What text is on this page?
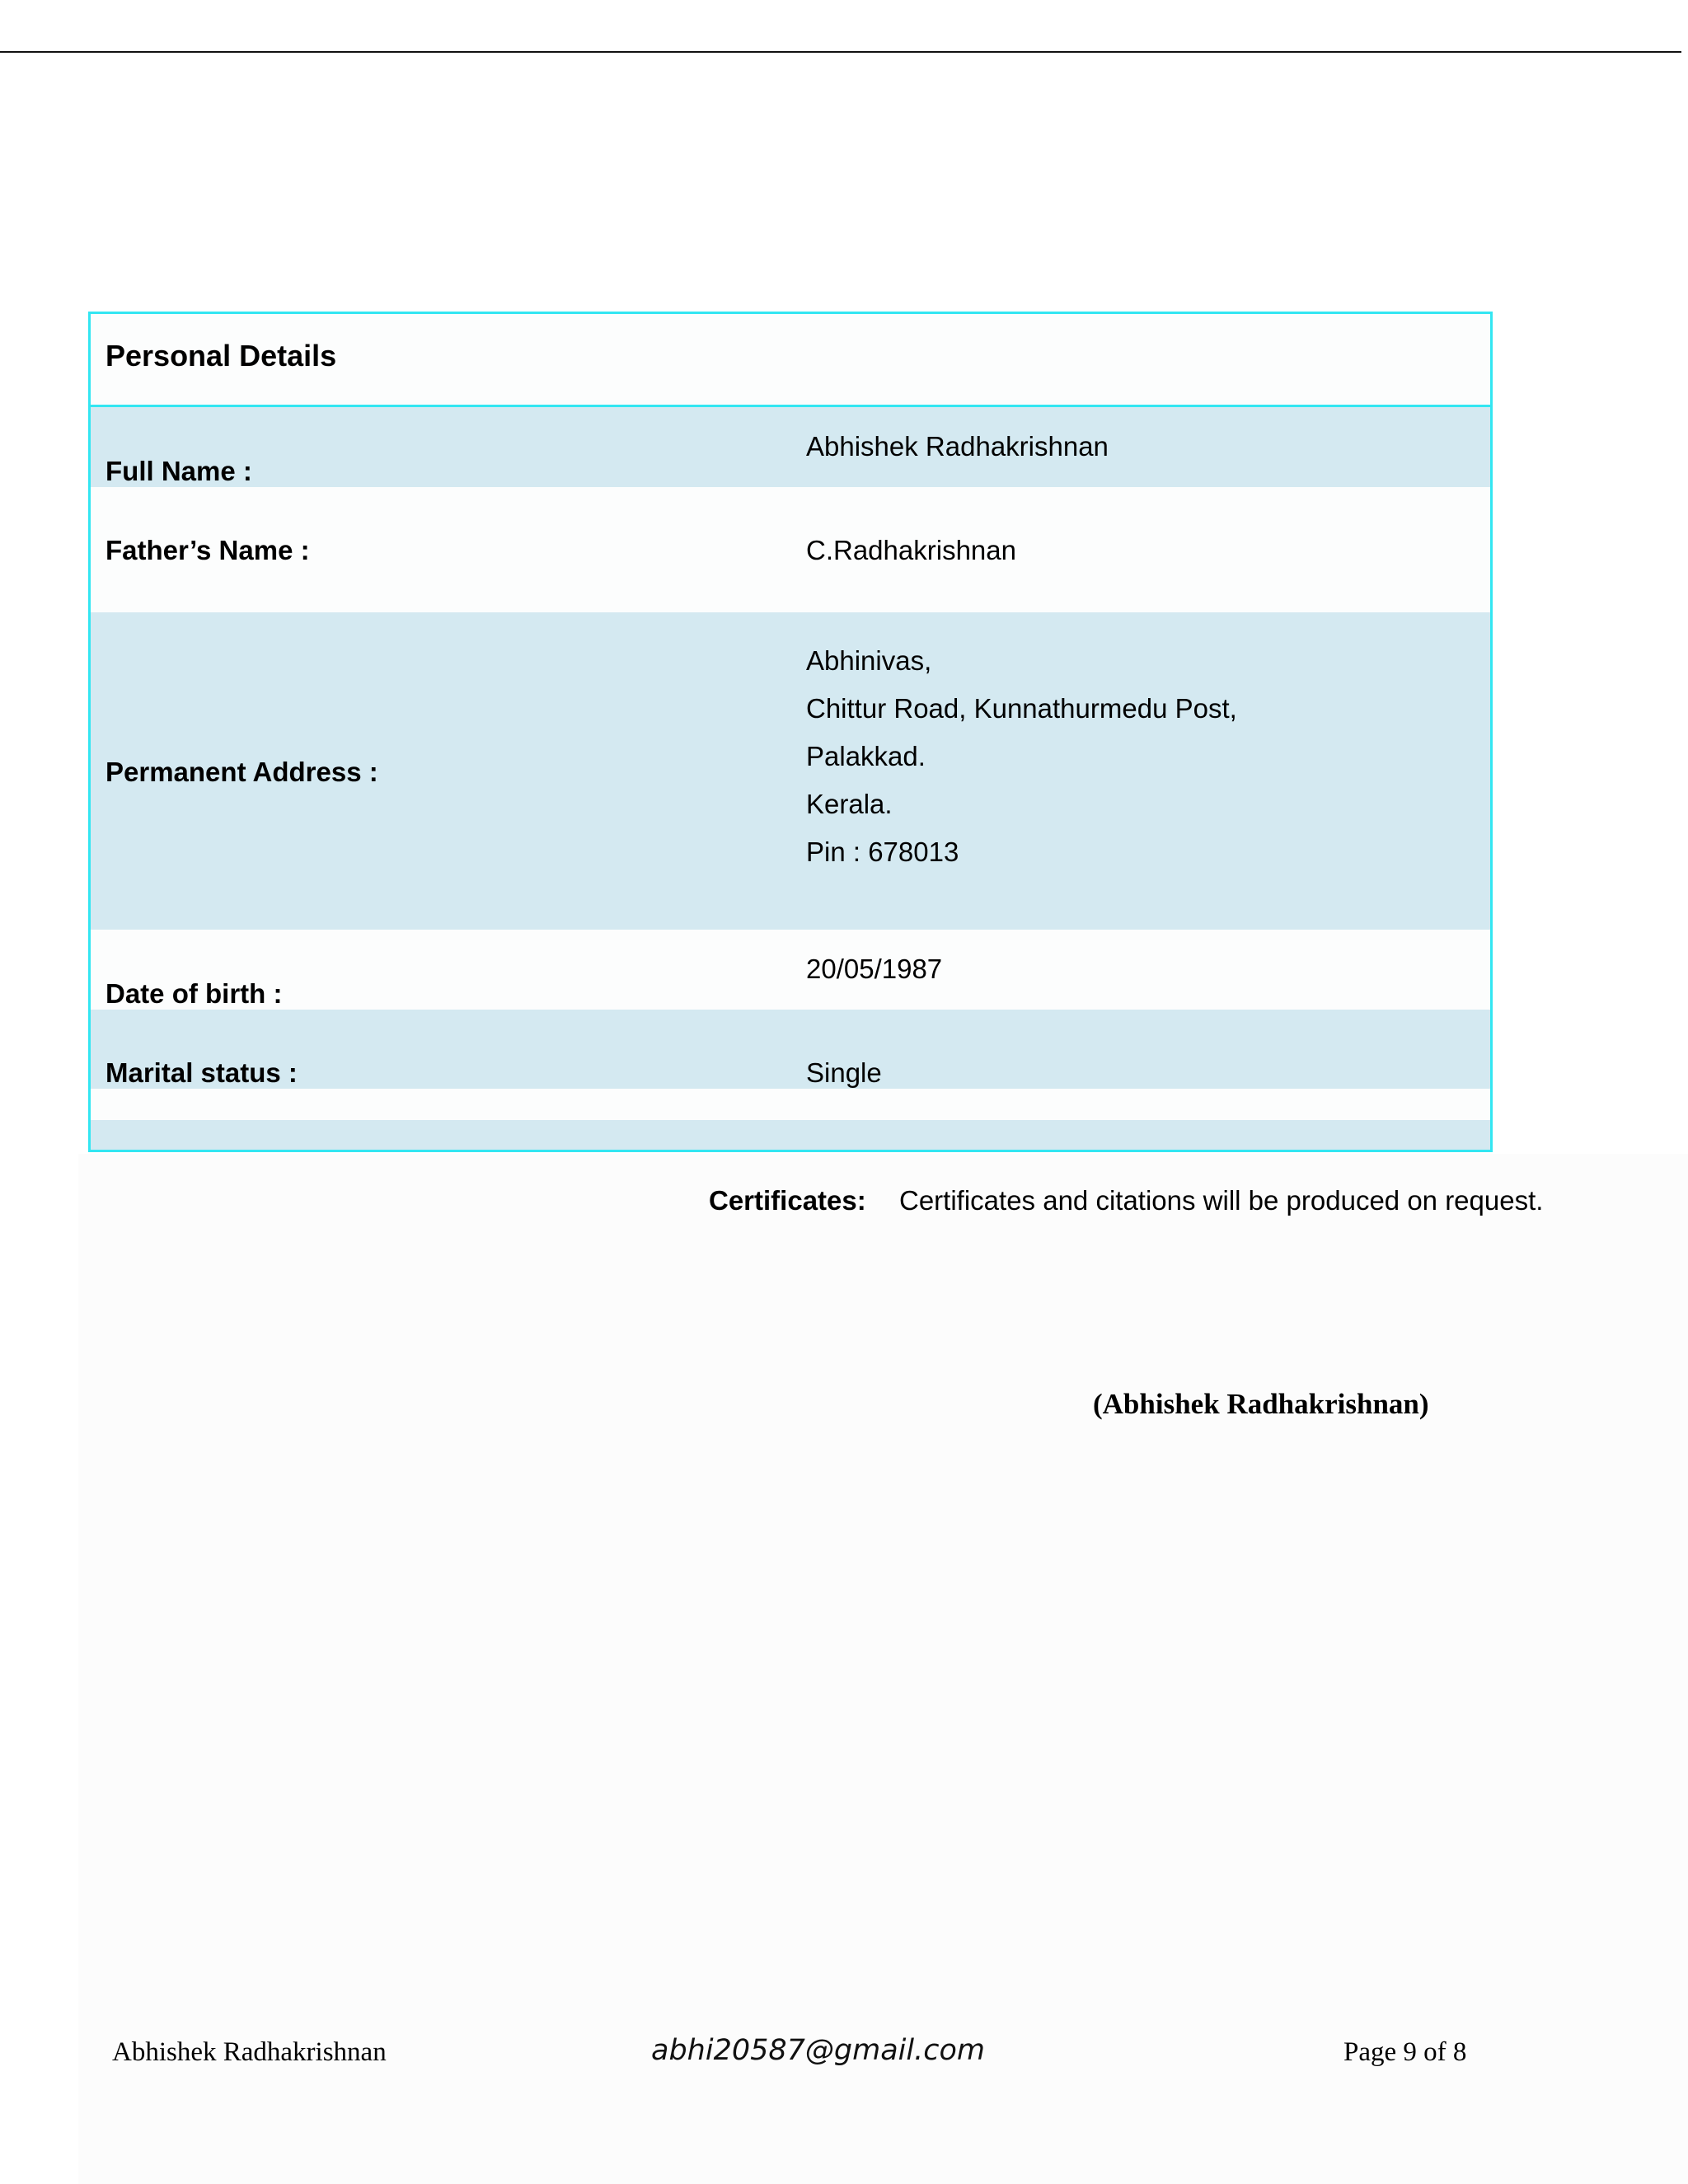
Personal Details
Full Name :
Abhishek Radhakrishnan
Father’s Name :	C.Radhakrishnan
Permanent Address :
Abhinivas,
Chittur Road, Kunnathurmedu Post,
Palakkad.
Kerala.
Pin : 678013
Date of birth :
20/05/1987
Marital status :	Single
Certificates: Certificates and citations will be produced on request.
(Abhishek Radhakrishnan)
Abhishek Radhakrishnan	abhi20587@gmail.com	Page 9 of 8
